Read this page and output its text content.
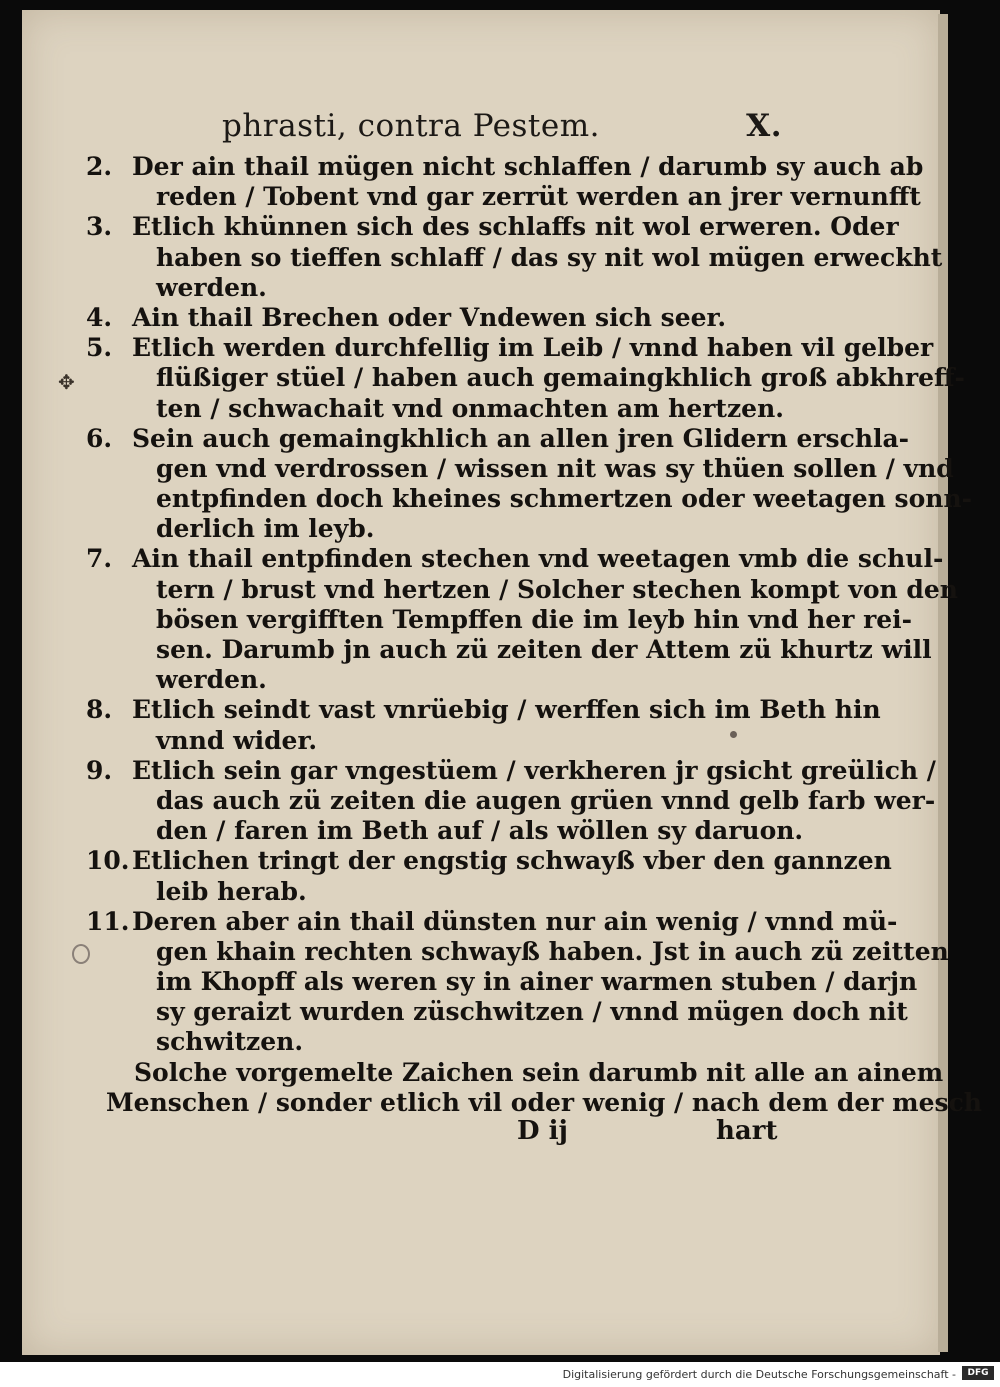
phrasti, contra Pestem.	X.
✥
2. Der ain thail mügen nicht schlaffen / darumb sy auch ab
reden / Tobent vnd gar zerrüt werden an jrer vernunfft
3. Etlich khünnen sich des schlaffs nit wol erweren. Oder
haben so tieffen schlaff / das sy nit wol mügen erweckht
werden.
4. Ain thail Brechen oder Vndewen sich seer.
5. Etlich werden durchfellig im Leib / vnnd haben vil gelber
flüßiger stüel / haben auch gemaingkhlich groß abkhreff-
ten / schwachait vnd onmachten am hertzen.
6. Sein auch gemaingkhlich an allen jren Glidern erschla-
gen vnd verdrossen / wissen nit was sy thüen sollen / vnd
entpfinden doch kheines schmertzen oder weetagen sonn-
derlich im leyb.
7. Ain thail entpfinden stechen vnd weetagen vmb die schul-
tern / brust vnd hertzen / Solcher stechen kompt von den
bösen vergifften Tempffen die im leyb hin vnd her rei-
sen. Darumb jn auch zü zeiten der Attem zü khurtz will
werden.
8. Etlich seindt vast vnrüebig / werffen sich im Beth hin
vnnd wider.
9. Etlich sein gar vngestüem / verkheren jr gsicht greülich /
das auch zü zeiten die augen grüen vnnd gelb farb wer-
den / faren im Beth auf / als wöllen sy daruon.
10. Etlichen tringt der engstig schwayß vber den gannzen
leib herab.
11. Deren aber ain thail dünsten nur ain wenig / vnnd mü-
gen khain rechten schwayß haben. Jst in auch zü zeitten
im Khopff als weren sy in ainer warmen stuben / darjn
sy geraizt wurden züschwitzen / vnnd mügen doch nit
schwitzen.
Solche vorgemelte Zaichen sein darumb nit alle an ainem
Menschen / sonder etlich vil oder wenig / nach dem der mesch
D ij	hart
Digitalisierung gefördert durch die Deutsche Forschungsgemeinschaft -	DFG
